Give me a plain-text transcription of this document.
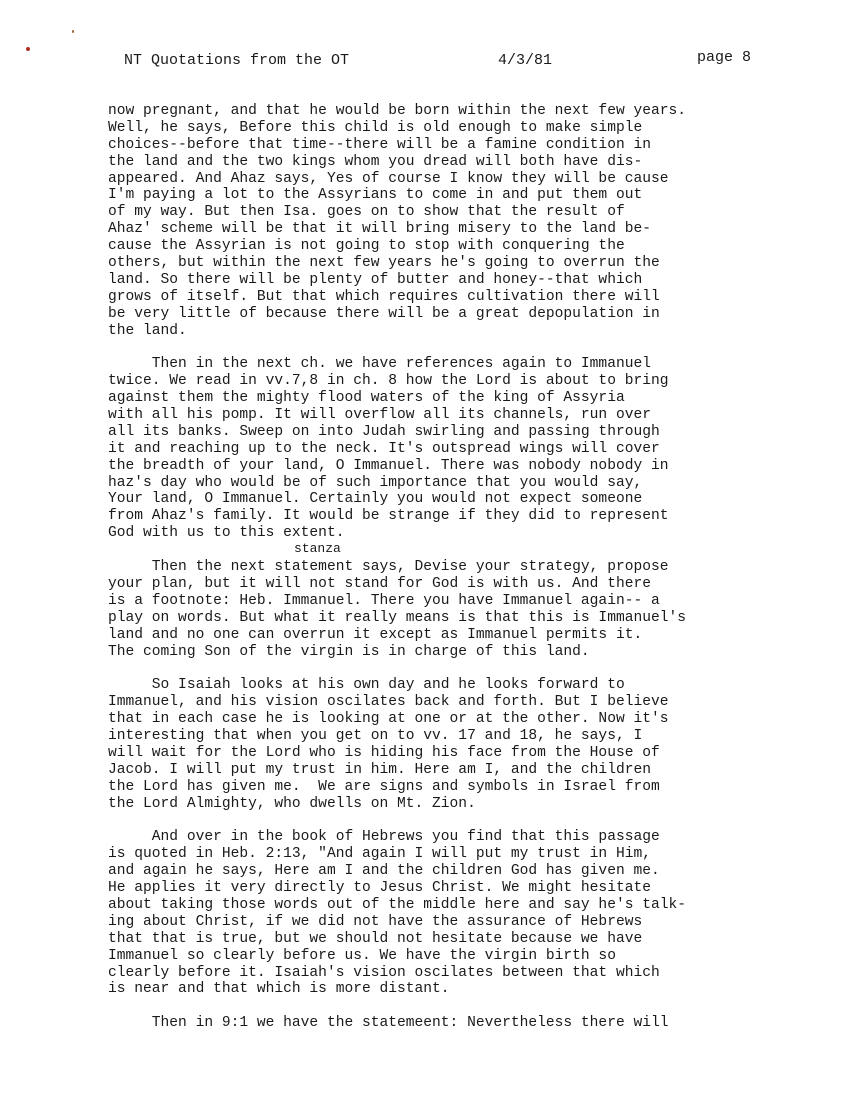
NT Quotations from the OT	4/3/81	page 8
now pregnant, and that he would be born within the next few years.
Well, he says, Before this child is old enough to make simple
choices--before that time--there will be a famine condition in
the land and the two kings whom you dread will both have dis-
appeared. And Ahaz says, Yes of course I know they will be cause
I'm paying a lot to the Assyrians to come in and put them out
of my way. But then Isa. goes on to show that the result of
Ahaz' scheme will be that it will bring misery to the land be-
cause the Assyrian is not going to stop with conquering the
others, but within the next few years he's going to overrun the
land. So there will be plenty of butter and honey--that which
grows of itself. But that which requires cultivation there will
be very little of because there will be a great depopulation in
the land.
Then in the next ch. we have references again to Immanuel
twice. We read in vv.7,8 in ch. 8 how the Lord is about to bring
against them the mighty flood waters of the king of Assyria
with all his pomp. It will overflow all its channels, run over
all its banks. Sweep on into Judah swirling and passing through
it and reaching up to the neck. It's outspread wings will cover
the breadth of your land, O Immanuel. There was nobody nobody in
haz's day who would be of such importance that you would say,
Your land, O Immanuel. Certainly you would not expect someone
from Ahaz's family. It would be strange if they did to represent
God with us to this extent.
stanza
Then the next statement says, Devise your strategy, propose
your plan, but it will not stand for God is with us. And there
is a footnote: Heb. Immanuel. There you have Immanuel again-- a
play on words. But what it really means is that this is Immanuel's
land and no one can overrun it except as Immanuel permits it.
The coming Son of the virgin is in charge of this land.
So Isaiah looks at his own day and he looks forward to
Immanuel, and his vision oscilates back and forth. But I believe
that in each case he is looking at one or at the other. Now it's
interesting that when you get on to vv. 17 and 18, he says, I
will wait for the Lord who is hiding his face from the House of
Jacob. I will put my trust in him. Here am I, and the children
the Lord has given me.  We are signs and symbols in Israel from
the Lord Almighty, who dwells on Mt. Zion.
And over in the book of Hebrews you find that this passage
is quoted in Heb. 2:13, "And again I will put my trust in Him,
and again he says, Here am I and the children God has given me.
He applies it very directly to Jesus Christ. We might hesitate
about taking those words out of the middle here and say he's talk-
ing about Christ, if we did not have the assurance of Hebrews
that that is true, but we should not hesitate because we have
Immanuel so clearly before us. We have the virgin birth so
clearly before it. Isaiah's vision oscilates between that which
is near and that which is more distant.
Then in 9:1 we have the statemeent: Nevertheless there will
